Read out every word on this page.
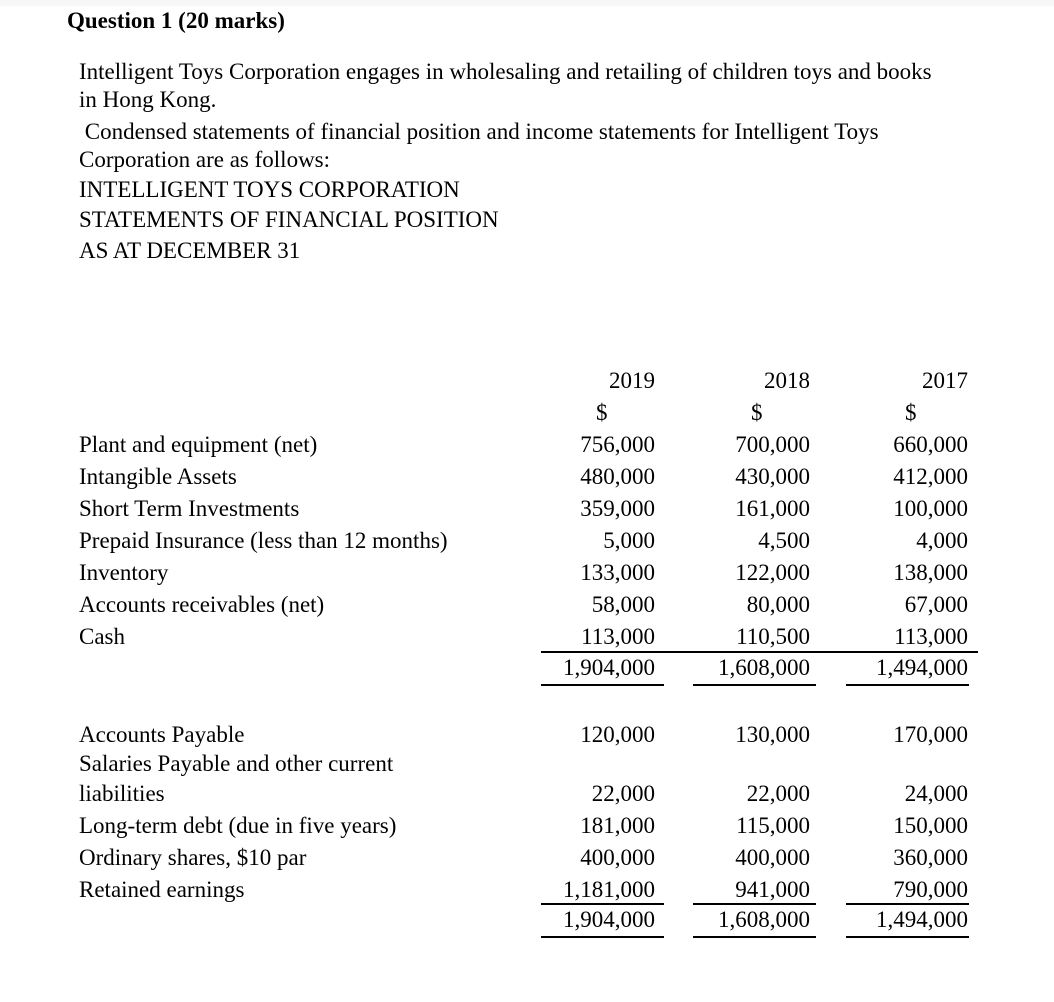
Question 1 (20 marks)
Intelligent Toys Corporation engages in wholesaling and retailing of children toys and books
in Hong Kong.
Condensed statements of financial position and income statements for Intelligent Toys
Corporation are as follows:
INTELLIGENT TOYS CORPORATION
STATEMENTS OF FINANCIAL POSITION
AS AT DECEMBER 31
2019	2018	2017
$	$	$
Plant and equipment (net)	756,000	700,000	660,000
Intangible Assets	480,000	430,000	412,000
Short Term Investments	359,000	161,000	100,000
Prepaid Insurance (less than 12 months)	5,000	4,500	4,000
Inventory	133,000	122,000	138,000
Accounts receivables (net)	58,000	80,000	67,000
Cash	113,000	110,500	113,000
1,904,000	1,608,000	1,494,000
Accounts Payable	120,000	130,000	170,000
Salaries Payable and other current
liabilities	22,000	22,000	24,000
Long-term debt (due in five years)	181,000	115,000	150,000
Ordinary shares, $10 par	400,000	400,000	360,000
Retained earnings	1,181,000	941,000	790,000
1,904,000	1,608,000	1,494,000
